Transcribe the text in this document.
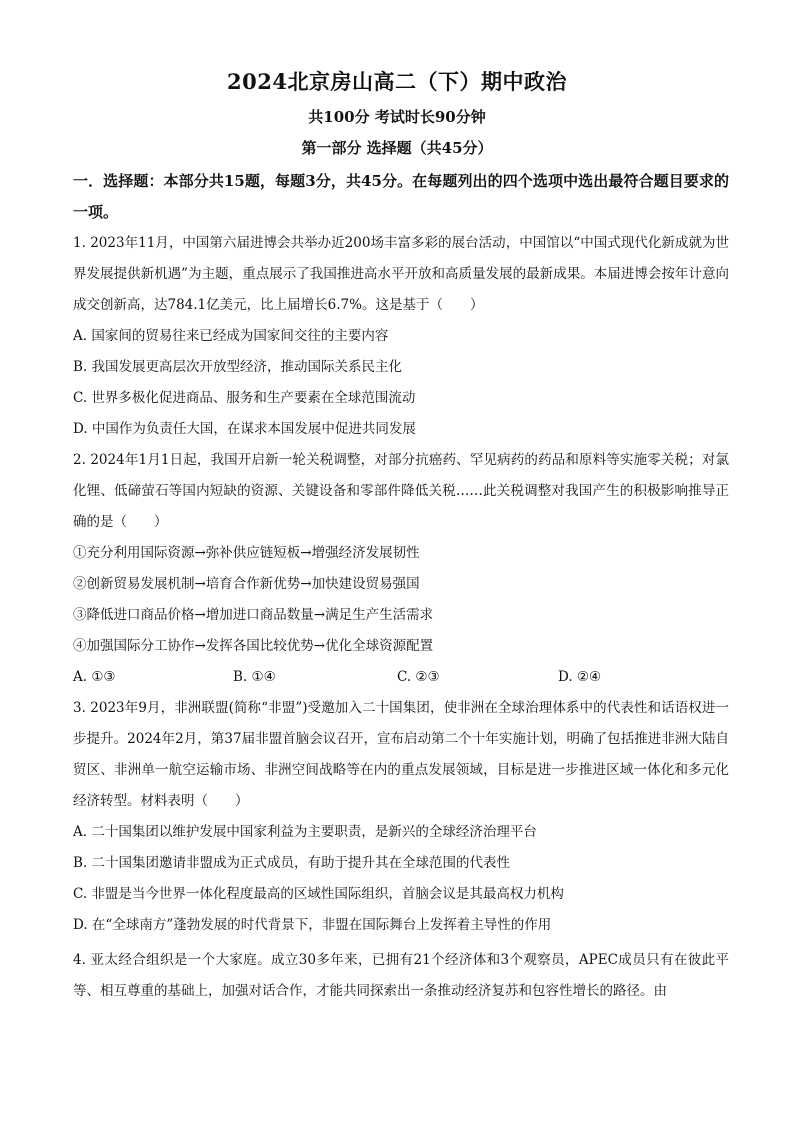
2024北京房山高二（下）期中政治
共100分 考试时长90分钟
第一部分 选择题（共45分）
一．选择题：本部分共15题，每题3分，共45分。在每题列出的四个选项中选出最符合题目要求的一项。
1. 2023年11月，中国第六届进博会共举办近200场丰富多彩的展台活动，中国馆以“中国式现代化新成就为世界发展提供新机遇”为主题，重点展示了我国推进高水平开放和高质量发展的最新成果。本届进博会按年计意向成交创新高，达784.1亿美元，比上届增长6.7%。这是基于（　　）
A. 国家间的贸易往来已经成为国家间交往的主要内容
B. 我国发展更高层次开放型经济，推动国际关系民主化
C. 世界多极化促进商品、服务和生产要素在全球范围流动
D. 中国作为负责任大国，在谋求本国发展中促进共同发展
2. 2024年1月1日起，我国开启新一轮关税调整，对部分抗癌药、罕见病药的药品和原料等实施零关税；对氯化锂、低碲萤石等国内短缺的资源、关键设备和零部件降低关税……此关税调整对我国产生的积极影响推导正确的是（　　）
①充分利用国际资源→弥补供应链短板→增强经济发展韧性
②创新贸易发展机制→培育合作新优势→加快建设贸易强国
③降低进口商品价格→增加进口商品数量→满足生产生活需求
④加强国际分工协作→发挥各国比较优势→优化全球资源配置
A. ①③	B. ①④	C. ②③	D. ②④
3. 2023年9月，非洲联盟(简称“非盟”)受邀加入二十国集团，使非洲在全球治理体系中的代表性和话语权进一步提升。2024年2月，第37届非盟首脑会议召开，宣布启动第二个十年实施计划，明确了包括推进非洲大陆自贸区、非洲单一航空运输市场、非洲空间战略等在内的重点发展领域，目标是进一步推进区域一体化和多元化经济转型。材料表明（　　）
A. 二十国集团以维护发展中国家利益为主要职责，是新兴的全球经济治理平台
B. 二十国集团邀请非盟成为正式成员，有助于提升其在全球范围的代表性
C. 非盟是当今世界一体化程度最高的区域性国际组织，首脑会议是其最高权力机构
D. 在“全球南方”蓬勃发展的时代背景下，非盟在国际舞台上发挥着主导性的作用
4. 亚太经合组织是一个大家庭。成立30多年来，已拥有21个经济体和3个观察员，APEC成员只有在彼此平等、相互尊重的基础上，加强对话合作，才能共同探索出一条推动经济复苏和包容性增长的路径。由
